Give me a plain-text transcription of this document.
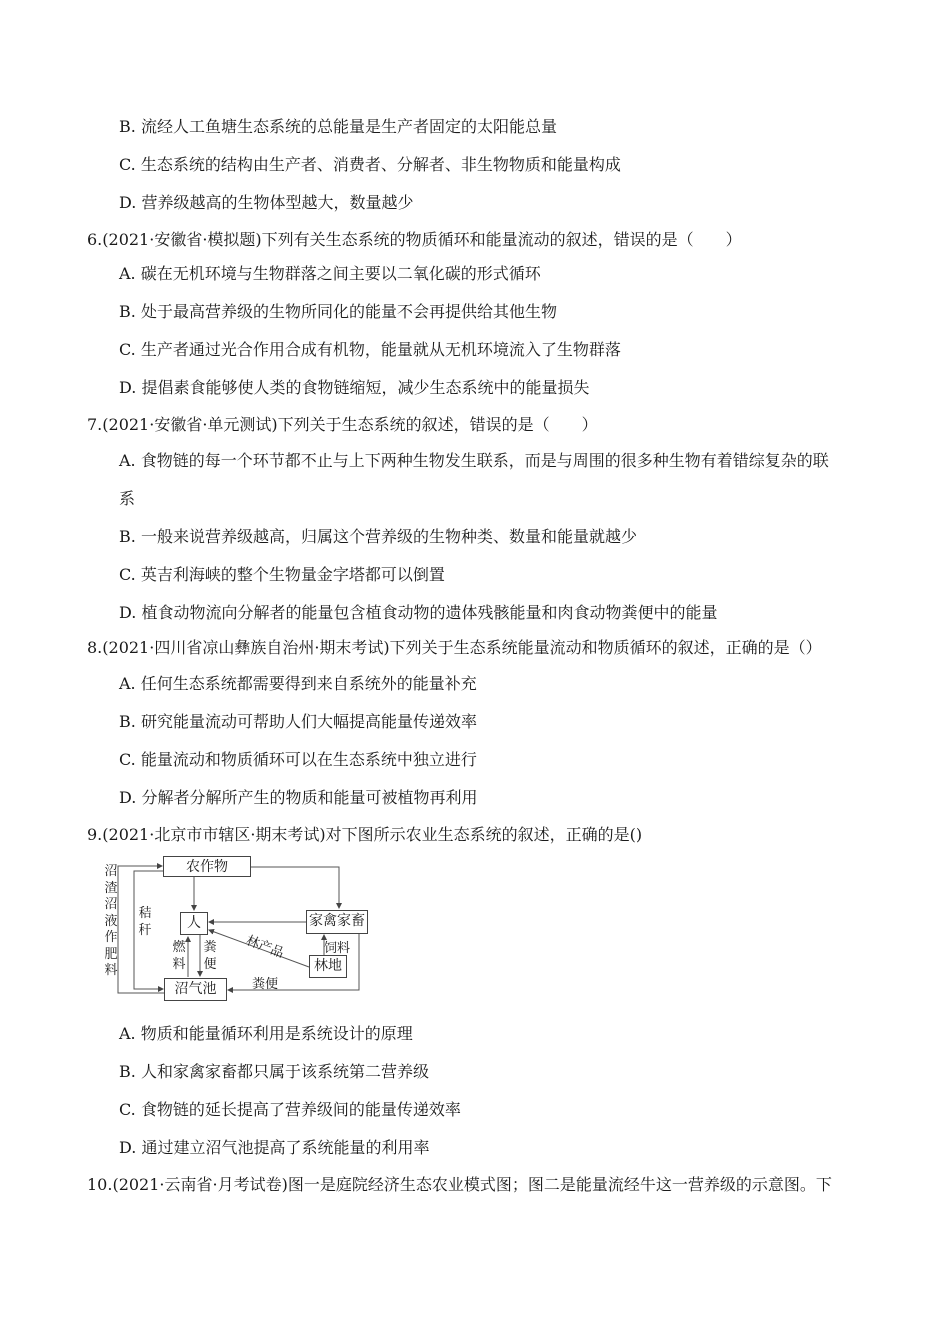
B. 流经人工鱼塘生态系统的总能量是生产者固定的太阳能总量
C. 生态系统的结构由生产者、消费者、分解者、非生物物质和能量构成
D. 营养级越高的生物体型越大，数量越少
6.(2021·安徽省·模拟题)下列有关生态系统的物质循环和能量流动的叙述，错误的是（　　）
A. 碳在无机环境与生物群落之间主要以二氧化碳的形式循环
B. 处于最高营养级的生物所同化的能量不会再提供给其他生物
C. 生产者通过光合作用合成有机物，能量就从无机环境流入了生物群落
D. 提倡素食能够使人类的食物链缩短，减少生态系统中的能量损失
7.(2021·安徽省·单元测试)下列关于生态系统的叙述，错误的是（　　）
A. 食物链的每一个环节都不止与上下两种生物发生联系，而是与周围的很多种生物有着错综复杂的联
系
B. 一般来说营养级越高，归属这个营养级的生物种类、数量和能量就越少
C. 英吉利海峡的整个生物量金字塔都可以倒置
D. 植食动物流向分解者的能量包含植食动物的遗体残骸能量和肉食动物粪便中的能量
8.(2021·四川省凉山彝族自治州·期末考试)下列关于生态系统能量流动和物质循环的叙述，正确的是（）
A. 任何生态系统都需要得到来自系统外的能量补充
B. 研究能量流动可帮助人们大幅提高能量传递效率
C. 能量流动和物质循环可以在生态系统中独立进行
D. 分解者分解所产生的物质和能量可被植物再利用
9.(2021·北京市市辖区·期末考试)对下图所示农业生态系统的叙述，正确的是()
农作物
人	家禽家畜
林地
沼气池
沼渣沼液作肥料
秸秆
燃料
粪便
林产品	饲料
粪便
A. 物质和能量循环利用是系统设计的原理
B. 人和家禽家畜都只属于该系统第二营养级
C. 食物链的延长提高了营养级间的能量传递效率
D. 通过建立沼气池提高了系统能量的利用率
10.(2021·云南省·月考试卷)图一是庭院经济生态农业模式图；图二是能量流经牛这一营养级的示意图。下
